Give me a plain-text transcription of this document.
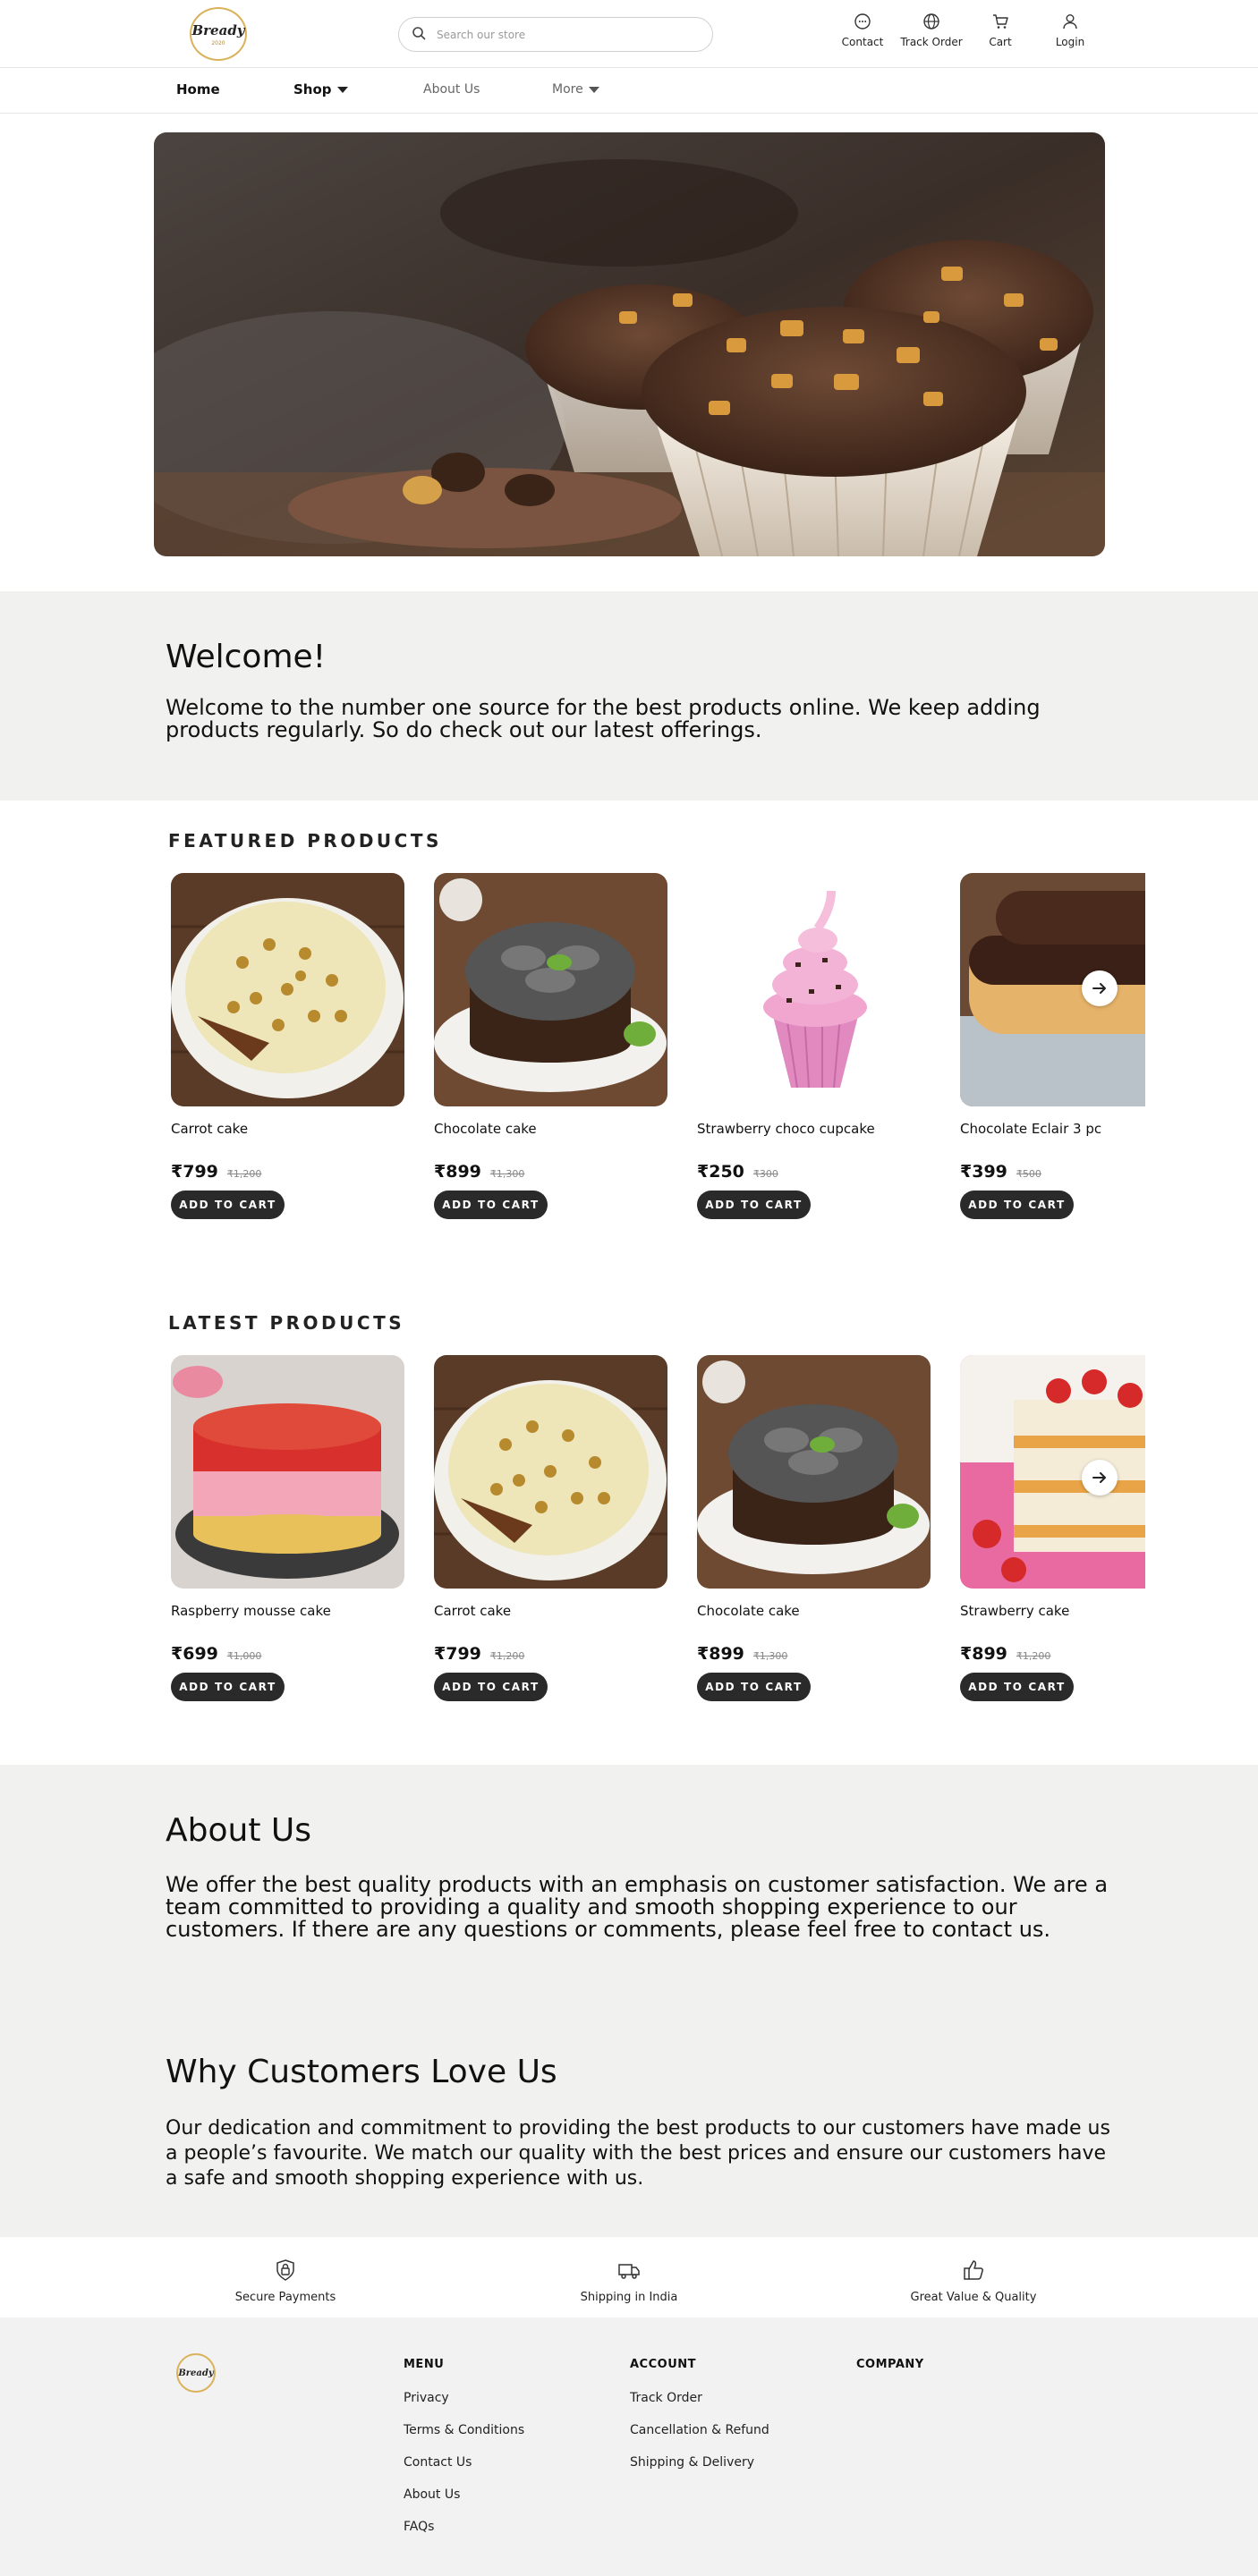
Bready
2020
Search our store	Contact Track Order Cart	Login
Home	Shop	About Us	More
Welcome!

Welcome to the number one source for the best products online. We keep adding products regularly. So do check out our latest offerings.

FEATURED PRODUCTS
Carrot cake
₹799 ₹1,200
ADD TO CART
Chocolate cake
₹899 ₹1,300
ADD TO CART
Strawberry choco cupcake
₹250 ₹300
ADD TO CART
Chocolate Eclair 3 pc
₹399 ₹500
ADD TO CART
LATEST PRODUCTS
Raspberry mousse cake
₹699 ₹1,000
ADD TO CART
Carrot cake
₹799 ₹1,200
ADD TO CART
Chocolate cake
₹899 ₹1,300
ADD TO CART
Strawberry cake
₹899 ₹1,200
ADD TO CART
About Us

We offer the best quality products with an emphasis on customer satisfaction. We are a team committed to providing a quality and smooth shopping experience to our customers. If there are any questions or comments, please feel free to contact us.

Why Customers Love Us

Our dedication and commitment to providing the best products to our customers have made us a people’s favourite. We match our quality with the best prices and ensure our customers have a safe and smooth shopping experience with us.

Secure Payments	Shipping in India	Great Value & Quality
Bready
MENU
Privacy
Terms & Conditions
Contact Us
About Us
FAQs
ACCOUNT
Track Order
Cancellation & Refund
Shipping & Delivery
COMPANY
